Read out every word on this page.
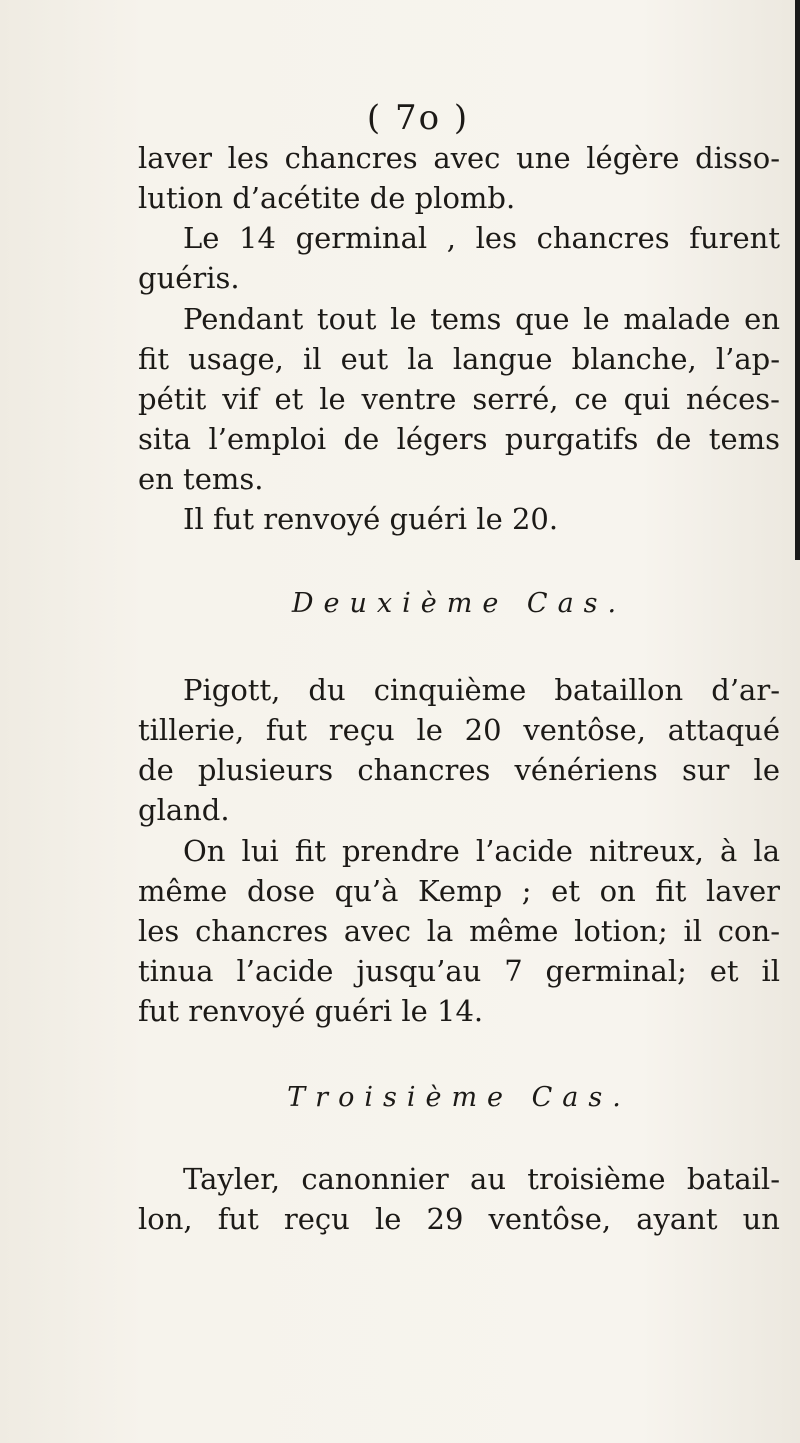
( 7o )
laver les chancres avec une légère disso-
lution d’acétite de plomb.
Le 14 germinal , les chancres furent
guéris.
Pendant tout le tems que le malade en
fit usage, il eut la langue blanche, l’ap-
pétit vif et le ventre serré, ce qui néces-
sita l’emploi de légers purgatifs de tems
en tems.
Il fut renvoyé guéri le 20.
Deuxième Cas.
Pigott, du cinquième bataillon d’ar-
tillerie, fut reçu le 20 ventôse, attaqué
de plusieurs chancres vénériens sur le
gland.
On lui fit prendre l’acide nitreux, à la
même dose qu’à Kemp ; et on fit laver
les chancres avec la même lotion; il con-
tinua l’acide jusqu’au 7 germinal; et il
fut renvoyé guéri le 14.
Troisième Cas.
Tayler, canonnier au troisième batail-
lon, fut reçu le 29 ventôse, ayant un
